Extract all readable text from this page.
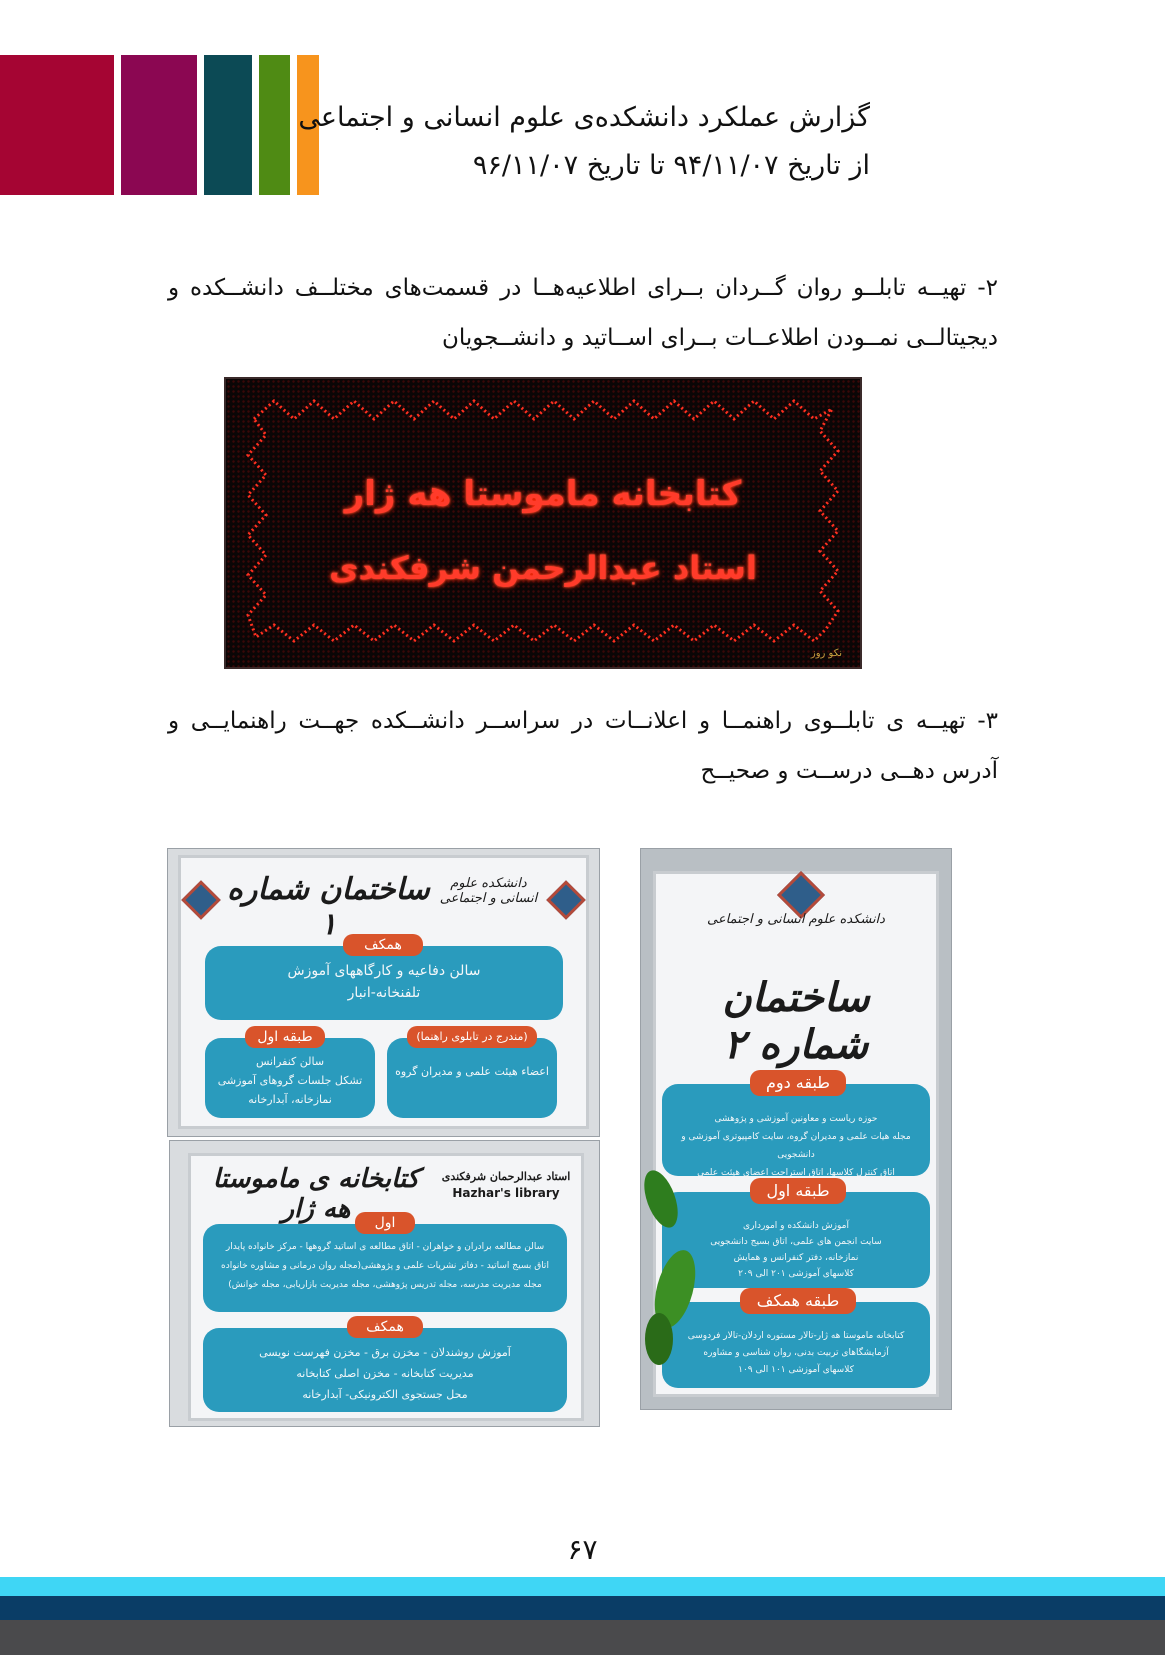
گزارش عملکرد دانشکده‌ی علوم انسانی و اجتماعی
از تاریخ ۹۴/۱۱/۰۷ تا تاریخ ۹۶/۱۱/۰۷
۲- تهیــه تابلــو روان گــردان بــرای اطلاعیه‌هــا در قسمت‌های مختلــف دانشــکده و دیجیتالــی نمــودن اطلاعــات بــرای اســاتید و دانشــجویان
کتابخانه ماموستا هه ژار
استاد عبدالرحمن شرفکندی
نکو روز
۳- تهیــه ی تابلــوی راهنمــا و اعلانــات در سراســر دانشــکده جهــت راهنمایــی و آدرس دهــی درســت و صحیــح
ساختمان شماره ۱
دانشکده علوم انسانی و اجتماعی
سالن دفاعیه و کارگاههای آموزش
تلفنخانه-انبار
همکف
سالن کنفرانس
تشکل جلسات گروهای آموزشی
نمازخانه، آبدارخانه
طبقه اول
اعضاء هیئت علمی و مدیران گروه
(مندرج در تابلوی راهنما)
کتابخانه ی ماموستا هه ژار
استاد عبدالرحمان شرفکندی
Hazhar's library
سالن مطالعه برادران و خواهران - اتاق مطالعه ی اساتید گروهها - مرکز خانواده پایدار
اتاق بسیج اساتید - دفاتر نشریات علمی و پژوهشی(مجله روان درمانی و مشاوره خانواده
مجله مدیریت مدرسه، مجله تدریس پژوهشی، مجله مدیریت بازاریابی، مجله خوانش)
اول
آموزش روشندلان - مخزن برق - مخزن فهرست نویسی
مدیریت کتابخانه - مخزن اصلی کتابخانه
محل جستجوی الکترونیکی- آبدارخانه
همکف
دانشکده علوم انسانی و اجتماعی
ساختمان شماره ۲
حوزه ریاست و معاونین آموزشی و پژوهشی
مجله هیات علمی و مدیران گروه، سایت کامپیوتری آموزشی و دانشجویی
اتاق کنترل کلاسها، اتاق استراحت اعضای هیئت علمی
طبقه دوم
آموزش دانشکده و امورداری
سایت انجمن های علمی، اتاق بسیج دانشجویی
نمازخانه، دفتر کنفرانس و همایش
کلاسهای آموزشی ۲۰۱ الی ۲۰۹
طبقه اول
کتابخانه ماموستا هه ژار-تالار مستوره اردلان-تالار فردوسی
آزمایشگاهای تربیت بدنی، روان شناسی و مشاوره
کلاسهای آموزشی ۱۰۱ الی ۱۰۹
طبقه همکف
۶۷
